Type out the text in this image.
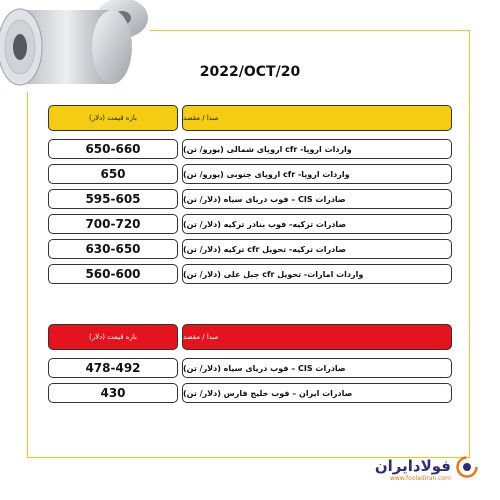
2022/OCT/20
بازه قیمت (دلار)	مبدا / مقصد
650-660	واردات اروپا- cfr اروپای شمالی (یورو/ تن)
650	واردات اروپا- cfr اروپای جنوبی (یورو/ تن)
595-605	صادرات CIS – فوب دریای سیاه (دلار/ تن)
700-720	صادرات ترکیه- فوب بنادر ترکیه (دلار/ تن)
630-650	صادرات ترکیه- تحویل cfr ترکیه (دلار/ تن)
560-600	واردات امارات- تحویل cfr جبل علی (دلار/ تن)
بازه قیمت (دلار)	مبدا / مقصد
478-492	صادرات CIS – فوب دریای سیاه (دلار/ تن)
430	صادرات ایران – فوب خلیج فارس (دلار/ تن)
فولادایران
www.fooladiran.com
